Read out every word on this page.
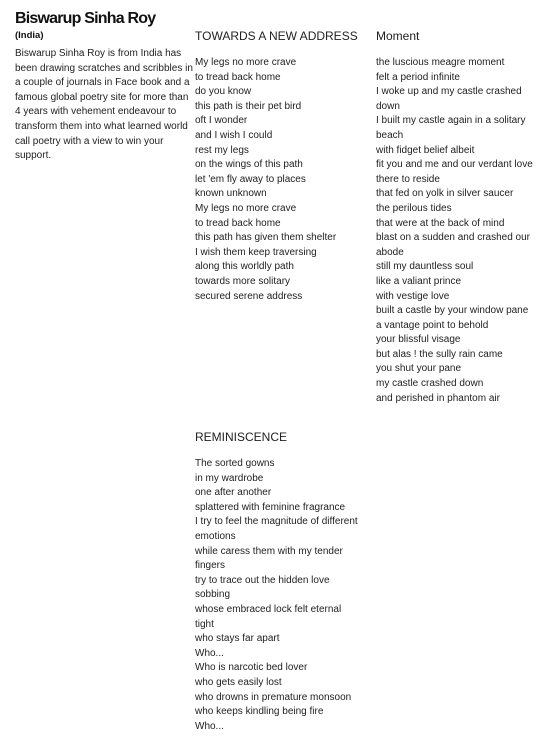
Biswarup Sinha Roy
(India)
Biswarup Sinha Roy is from India has been drawing scratches and scribbles in a couple of journals in Face book and a famous global poetry site for more than 4 years with vehement endeavour to transform them into what learned world call poetry with a view to win your support.
TOWARDS A NEW ADDRESS
My legs no more crave
to tread back home
do you know
this path is their pet bird
oft I wonder
and I wish I could
rest my legs
on the wings of this path
let 'em fly away to places
known unknown
My legs no more crave
to tread back home
this path has given them shelter
I wish them keep traversing
along this worldly path
towards more solitary
secured serene address
Moment
the luscious meagre moment
felt a period infinite
I woke up and my castle crashed
down
I built my castle again in a solitary
beach
with fidget belief albeit
fit you and me and our verdant love
there to reside
that fed on yolk in silver saucer
the perilous tides
that were at the back of mind
blast on a sudden and crashed our
abode
still my dauntless soul
like a valiant prince
with vestige love
built a castle by your window pane
a vantage point to behold
your blissful visage
but alas ! the sully rain came
you shut your pane
my castle crashed down
and perished in phantom air
REMINISCENCE
The sorted gowns
in my wardrobe
one after another
splattered with feminine fragrance
I try to feel the magnitude of different
emotions
while caress them with my tender
fingers
try to trace out the hidden love
sobbing
whose embraced lock felt eternal
tight
who stays far apart
Who...
Who is narcotic bed lover
who gets easily lost
who drowns in premature monsoon
who keeps kindling being fire
Who...
